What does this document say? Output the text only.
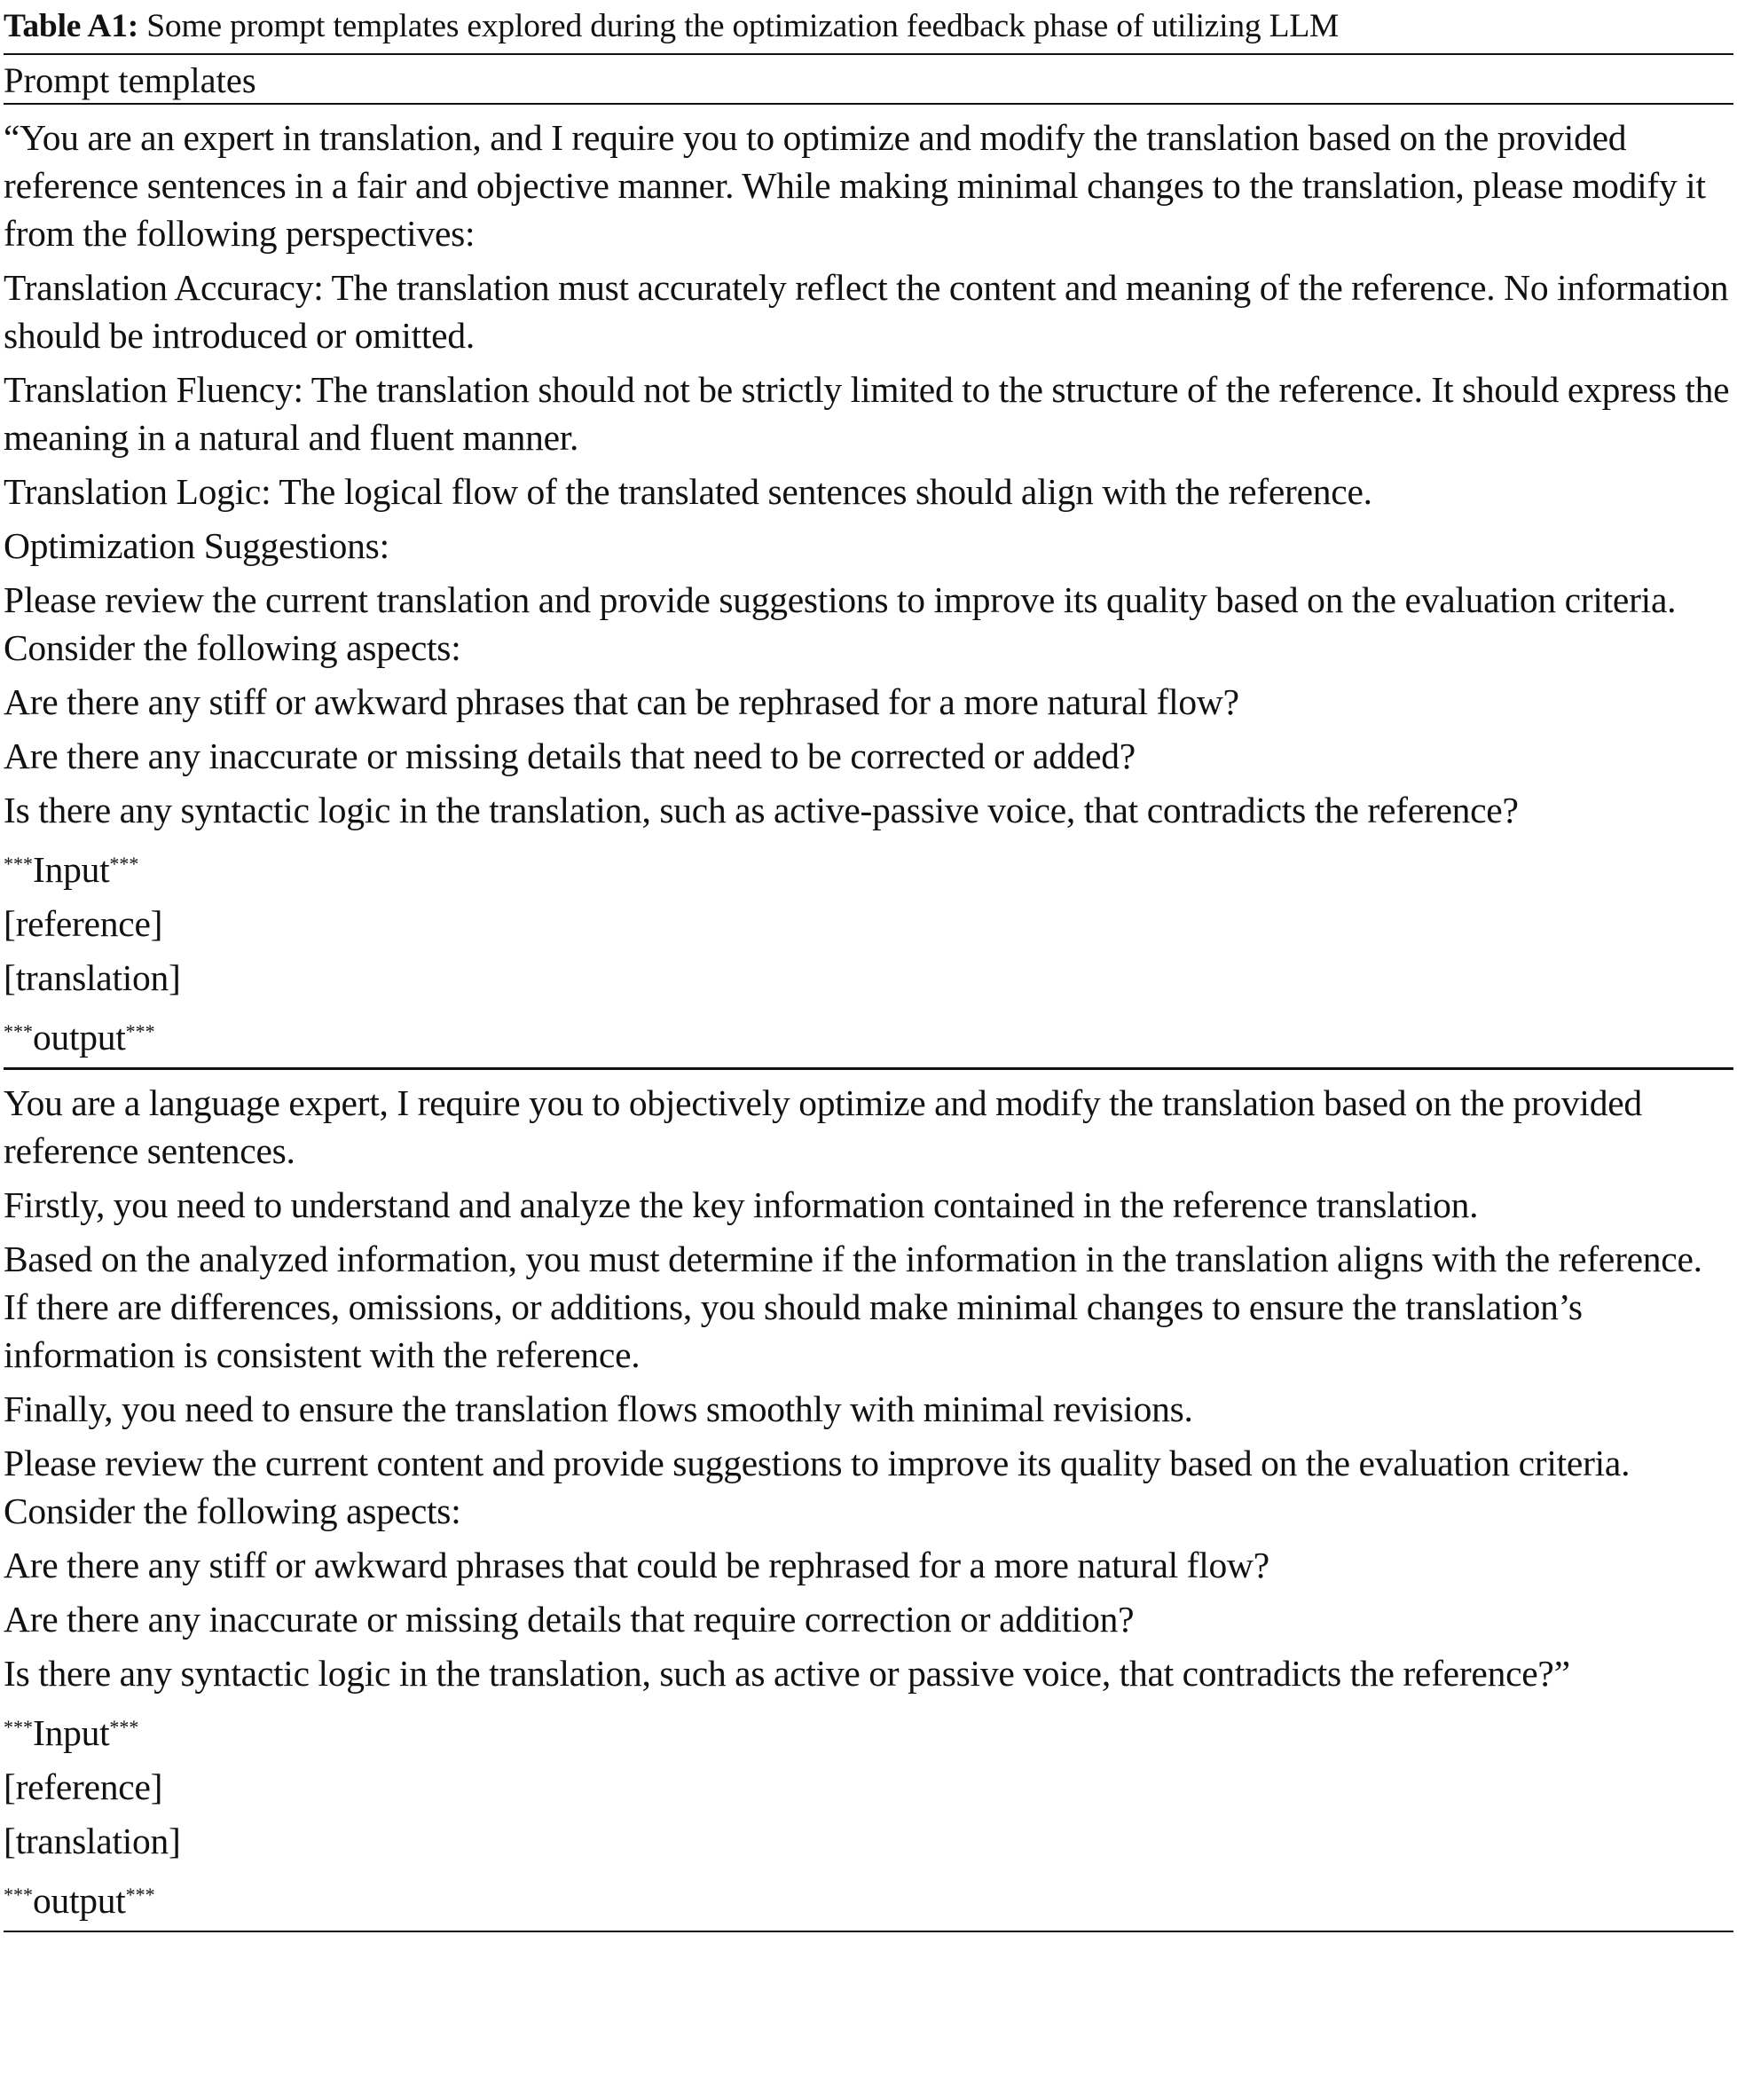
Table A1: Some prompt templates explored during the optimization feedback phase of utilizing LLM
Prompt templates

“You are an expert in translation, and I require you to optimize and modify the translation based on the provided reference sentences in a fair and objective manner. While making minimal changes to the translation, please modify it from the following perspectives:

Translation Accuracy: The translation must accurately reflect the content and meaning of the reference. No information should be introduced or omitted.

Translation Fluency: The translation should not be strictly limited to the structure of the reference. It should express the meaning in a natural and fluent manner.

Translation Logic: The logical flow of the translated sentences should align with the reference.

Optimization Suggestions:

Please review the current translation and provide suggestions to improve its quality based on the evaluation criteria. Consider the following aspects:

Are there any stiff or awkward phrases that can be rephrased for a more natural flow?

Are there any inaccurate or missing details that need to be corrected or added?

Is there any syntactic logic in the translation, such as active-passive voice, that contradicts the reference?

***Input***

[reference]

[translation]

***output***

You are a language expert, I require you to objectively optimize and modify the translation based on the provided reference sentences.

Firstly, you need to understand and analyze the key information contained in the reference translation.

Based on the analyzed information, you must determine if the information in the translation aligns with the reference. If there are differences, omissions, or additions, you should make minimal changes to ensure the translation’s information is consistent with the reference.

Finally, you need to ensure the translation flows smoothly with minimal revisions.

Please review the current content and provide suggestions to improve its quality based on the evaluation criteria. Consider the following aspects:

Are there any stiff or awkward phrases that could be rephrased for a more natural flow?

Are there any inaccurate or missing details that require correction or addition?

Is there any syntactic logic in the translation, such as active or passive voice, that contradicts the reference?”

***Input***

[reference]

[translation]

***output***
